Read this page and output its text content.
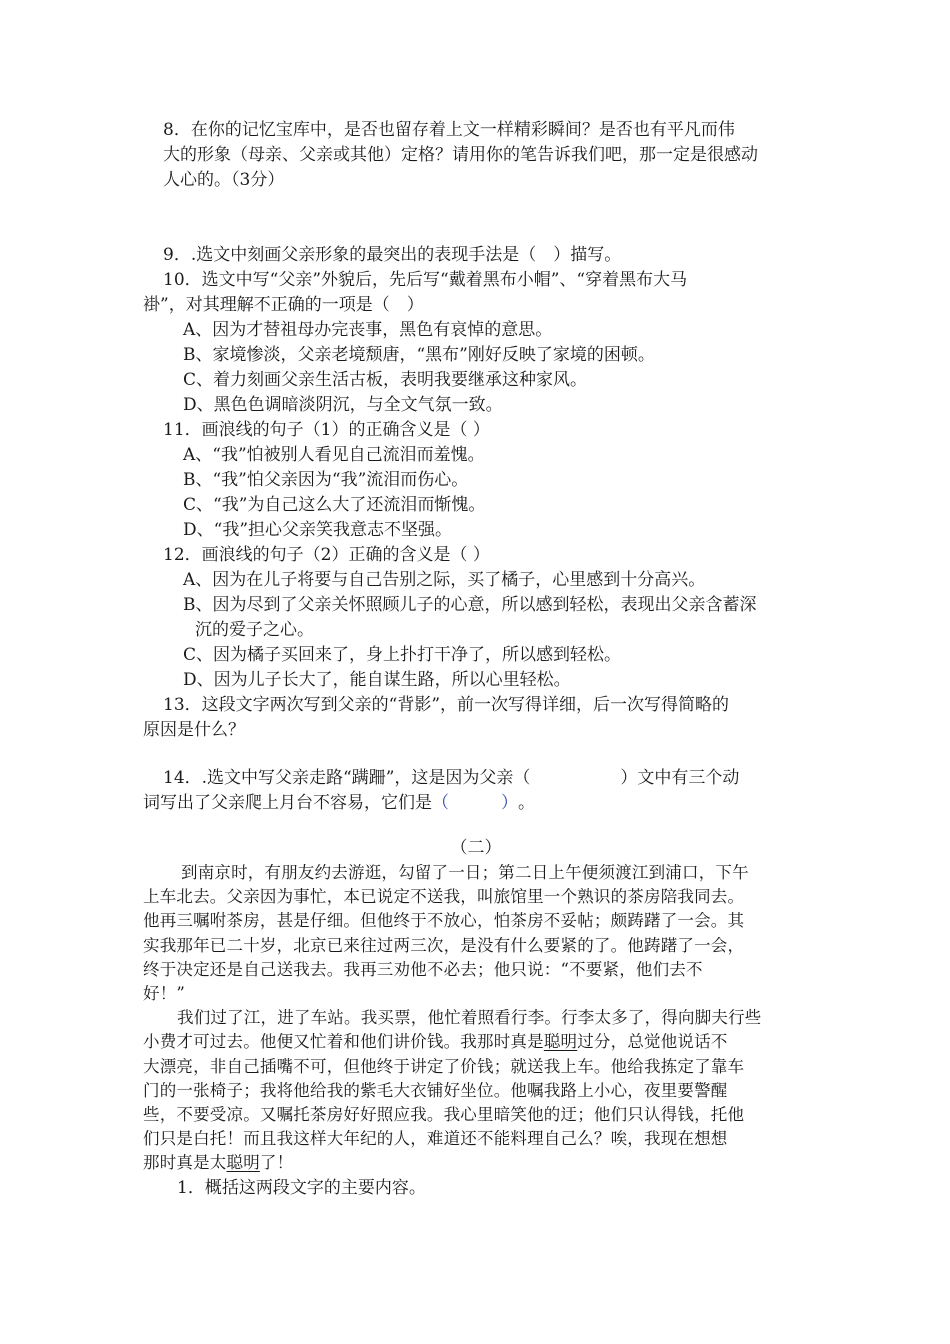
8．在你的记忆宝库中，是否也留存着上文一样精彩瞬间？是否也有平凡而伟
大的形象（母亲、父亲或其他）定格？请用你的笔告诉我们吧，那一定是很感动
人心的。（3分）
9．.选文中刻画父亲形象的最突出的表现手法是（　）描写。
10．选文中写“父亲”外貌后，先后写“戴着黑布小帽”、“穿着黑布大马
褂”，对其理解不正确的一项是（　）
A、因为才替祖母办完丧事，黑色有哀悼的意思。
B、家境惨淡，父亲老境颓唐，“黑布”刚好反映了家境的困顿。
C、着力刻画父亲生活古板，表明我要继承这种家风。
D、黑色色调暗淡阴沉，与全文气氛一致。
11．画浪线的句子（1）的正确含义是（ ）
A、“我”怕被别人看见自己流泪而羞愧。
B、“我”怕父亲因为“我”流泪而伤心。
C、“我”为自己这么大了还流泪而惭愧。
D、“我”担心父亲笑我意志不坚强。
12．画浪线的句子（2）正确的含义是（ ）
A、因为在儿子将要与自己告别之际，买了橘子，心里感到十分高兴。
B、因为尽到了父亲关怀照顾儿子的心意，所以感到轻松，表现出父亲含蓄深
沉的爱子之心。
C、因为橘子买回来了，身上扑打干净了，所以感到轻松。
D、因为儿子长大了，能自谋生路，所以心里轻松。
13．这段文字两次写到父亲的“背影”，前一次写得详细，后一次写得简略的
原因是什么？
14．.选文中写父亲走路“蹒跚”，这是因为父亲（	）文中有三个动
词写出了父亲爬上月台不容易，它们是（	）。
（二）
到南京时，有朋友约去游逛，勾留了一日；第二日上午便须渡江到浦口，下午
上车北去。父亲因为事忙，本已说定不送我，叫旅馆里一个熟识的茶房陪我同去。
他再三嘱咐茶房，甚是仔细。但他终于不放心，怕茶房不妥帖；颇踌躇了一会。其
实我那年已二十岁，北京已来往过两三次，是没有什么要紧的了。他踌躇了一会，
终于决定还是自己送我去。我再三劝他不必去；他只说：“不要紧，他们去不
好！”
我们过了江，进了车站。我买票，他忙着照看行李。行李太多了，得向脚夫行些
小费才可过去。他便又忙着和他们讲价钱。我那时真是聪明过分，总觉他说话不
大漂亮，非自己插嘴不可，但他终于讲定了价钱；就送我上车。他给我拣定了靠车
门的一张椅子；我将他给我的紫毛大衣铺好坐位。他嘱我路上小心，夜里要警醒
些，不要受凉。又嘱托茶房好好照应我。我心里暗笑他的迂；他们只认得钱，托他
们只是白托！而且我这样大年纪的人，难道还不能料理自己么？唉，我现在想想
那时真是太聪明了！
1．概括这两段文字的主要内容。
